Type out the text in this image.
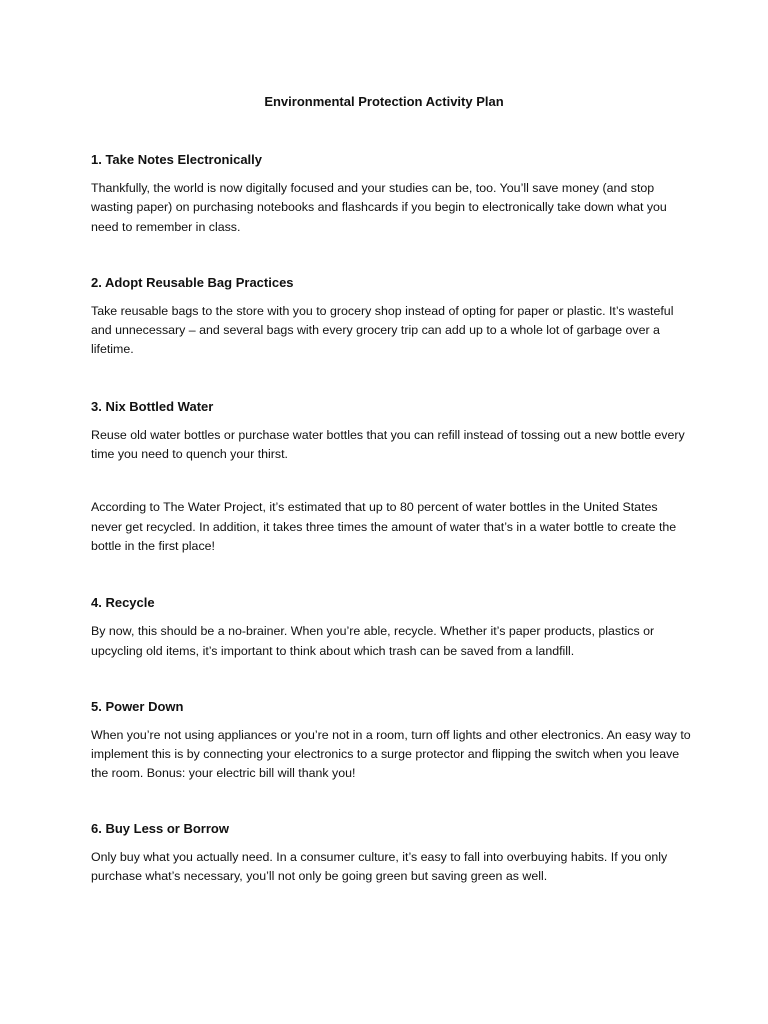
Environmental Protection Activity Plan
1. Take Notes Electronically

Thankfully, the world is now digitally focused and your studies can be, too. You’ll save money (and stop wasting paper) on purchasing notebooks and flashcards if you begin to electronically take down what you need to remember in class.

2. Adopt Reusable Bag Practices

Take reusable bags to the store with you to grocery shop instead of opting for paper or plastic. It’s wasteful and unnecessary – and several bags with every grocery trip can add up to a whole lot of garbage over a lifetime.

3. Nix Bottled Water

Reuse old water bottles or purchase water bottles that you can refill instead of tossing out a new bottle every time you need to quench your thirst.

According to The Water Project, it’s estimated that up to 80 percent of water bottles in the United States never get recycled. In addition, it takes three times the amount of water that’s in a water bottle to create the bottle in the first place!

4. Recycle

By now, this should be a no-brainer. When you’re able, recycle. Whether it’s paper products, plastics or upcycling old items, it’s important to think about which trash can be saved from a landfill.

5. Power Down

When you’re not using appliances or you’re not in a room, turn off lights and other electronics. An easy way to implement this is by connecting your electronics to a surge protector and flipping the switch when you leave the room. Bonus: your electric bill will thank you!

6. Buy Less or Borrow

Only buy what you actually need. In a consumer culture, it’s easy to fall into overbuying habits. If you only purchase what’s necessary, you’ll not only be going green but saving green as well.
